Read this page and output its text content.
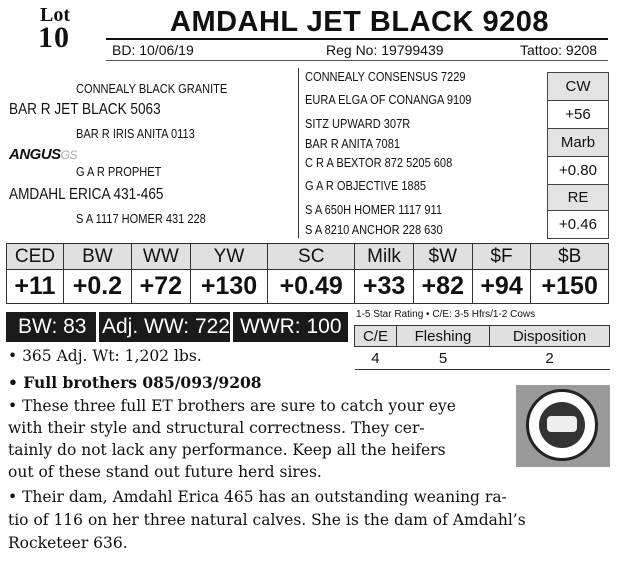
Lot
10	AMDAHL JET BLACK 9208
BD: 10/06/19	Reg No: 19799439	Tattoo: 9208
CONNEALY BLACK GRANITE
BAR R JET BLACK 5063
BAR R IRIS ANITA 0113
ANGUSGS
G A R PROPHET
AMDAHL ERICA 431-465
S A 1117 HOMER 431 228
CONNEALY CONSENSUS 7229
EURA ELGA OF CONANGA 9109
SITZ UPWARD 307R
BAR R ANITA 7081
C R A BEXTOR 872 5205 608
G A R OBJECTIVE 1885
S A 650H HOMER 1117 911
S A 8210 ANCHOR 228 630
CW
+56
Marb
+0.80
RE
+0.46
CED	BW	WW	YW	SC	Milk	$W	$F	$B
+11	+0.2	+72	+130	+0.49	+33	+82	+94	+150
BW: 83 Adj. WW: 722 WWR: 100
1-5 Star Rating • C/E: 3-5 Hfrs/1-2 Cows
C/E	Fleshing	Disposition
4	5	2
• 365 Adj. Wt: 1,202 lbs.
• Full brothers 085/093/9208
• These three full ET brothers are sure to catch your eye
with their style and structural correctness. They cer-
tainly do not lack any performance. Keep all the heifers
out of these stand out future herd sires.
• Their dam, Amdahl Erica 465 has an outstanding weaning ra-
tio of 116 on her three natural calves. She is the dam of Amdahl’s
Rocketeer 636.
